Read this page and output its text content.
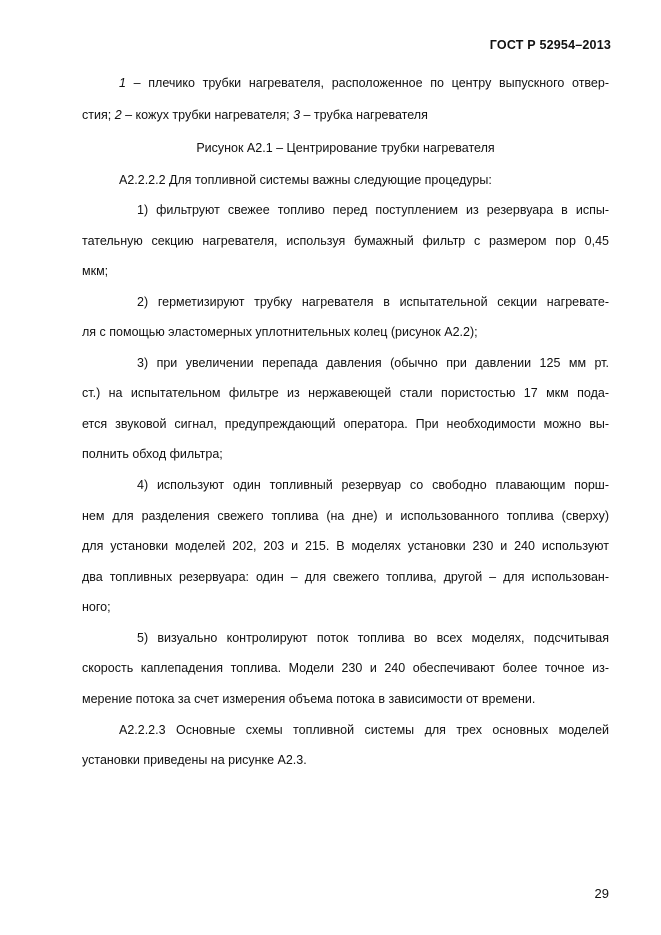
ГОСТ Р 52954–2013
1 – плечико трубки нагревателя, расположенное по центру выпускного отвер-
стия; 2 – кожух трубки нагревателя; 3 – трубка нагревателя
Рисунок А2.1 – Центрирование трубки нагревателя
А2.2.2.2 Для топливной системы важны следующие процедуры:
1) фильтруют свежее топливо перед поступлением из резервуара в испы-
тательную секцию нагревателя, используя бумажный фильтр с размером пор 0,45
мкм;
2) герметизируют трубку нагревателя в испытательной секции нагревате-
ля с помощью эластомерных уплотнительных колец (рисунок А2.2);
3) при увеличении перепада давления (обычно при давлении 125 мм рт.
ст.) на испытательном фильтре из нержавеющей стали пористостью 17 мкм пода-
ется звуковой сигнал, предупреждающий оператора. При необходимости можно вы-
полнить обход фильтра;
4) используют один топливный резервуар со свободно плавающим порш-
нем для разделения свежего топлива (на дне) и использованного топлива (сверху)
для установки моделей 202, 203 и 215. В моделях установки 230 и 240 используют
два топливных резервуара: один – для свежего топлива, другой – для использован-
ного;
5) визуально контролируют поток топлива во всех моделях, подсчитывая
скорость каплепадения топлива. Модели 230 и 240 обеспечивают более точное из-
мерение потока за счет измерения объема потока в зависимости от времени.
А2.2.2.3 Основные схемы топливной системы для трех основных моделей
установки приведены на рисунке А2.3.
29
